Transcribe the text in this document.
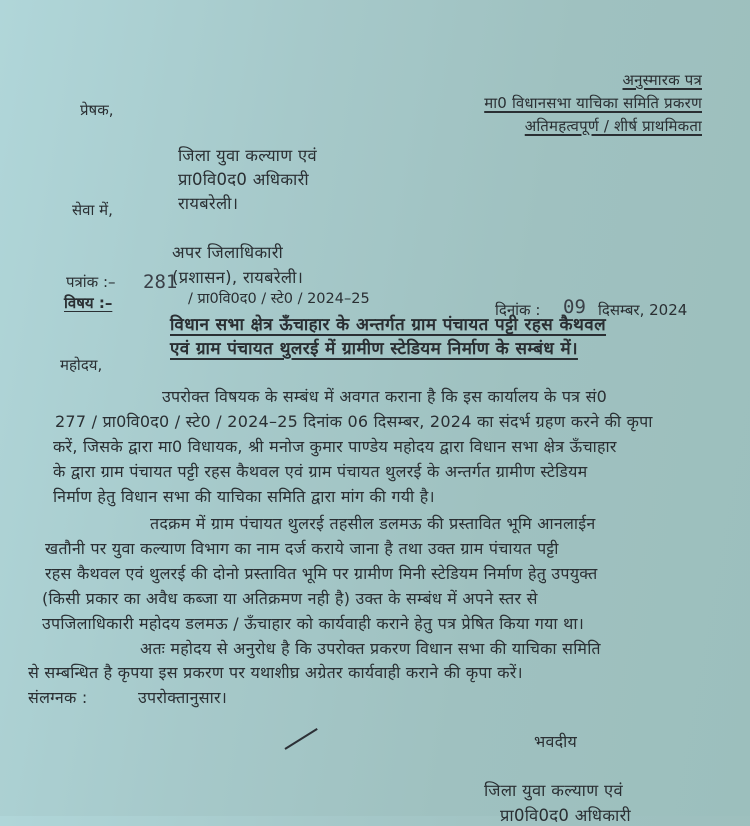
अनुस्मारक पत्र
मा0 विधानसभा याचिका समिति प्रकरण
अतिमहत्वपूर्ण / शीर्ष प्राथमिकता
प्रेषक,
जिला युवा कल्याण एवं
प्रा0वि0द0 अधिकारी
रायबरेली।
सेवा में,
अपर जिलाधिकारी
(प्रशासन), रायबरेली।
पत्रांक :– 281
/ प्रा0वि0द0 / स्टे0 / 2024–25
दिनांक : 09 दिसम्बर, 2024
विषय :–
विधान सभा क्षेत्र ऊँचाहार के अन्तर्गत ग्राम पंचायत पट्टी रहस कैथवल
एवं ग्राम पंचायत थुलरई में ग्रामीण स्टेडियम निर्माण के सम्बंध में।
महोदय,
उपरोक्त विषयक के सम्बंध में अवगत कराना है कि इस कार्यालय के पत्र सं0
277 / प्रा0वि0द0 / स्टे0 / 2024–25 दिनांक 06 दिसम्बर, 2024 का संदर्भ ग्रहण करने की कृपा
करें, जिसके द्वारा मा0 विधायक, श्री मनोज कुमार पाण्डेय महोदय द्वारा विधान सभा क्षेत्र ऊँचाहार
के द्वारा ग्राम पंचायत पट्टी रहस कैथवल एवं ग्राम पंचायत थुलरई के अन्तर्गत ग्रामीण स्टेडियम
निर्माण हेतु विधान सभा की याचिका समिति द्वारा मांग की गयी है।
तदक्रम में ग्राम पंचायत थुलरई तहसील डलमऊ की प्रस्तावित भूमि आनलाईन
खतौनी पर युवा कल्याण विभाग का नाम दर्ज कराये जाना है तथा उक्त ग्राम पंचायत पट्टी
रहस कैथवल एवं थुलरई की दोनो प्रस्तावित भूमि पर ग्रामीण मिनी स्टेडियम निर्माण हेतु उपयुक्त
(किसी प्रकार का अवैध कब्जा या अतिक्रमण नही है) उक्त के सम्बंध में अपने स्तर से
उपजिलाधिकारी महोदय डलमऊ / ऊँचाहार को कार्यवाही कराने हेतु पत्र प्रेषित किया गया था।
अतः महोदय से अनुरोध है कि उपरोक्त प्रकरण विधान सभा की याचिका समिति
से सम्बन्धित है कृपया इस प्रकरण पर यथाशीघ्र अग्रेतर कार्यवाही कराने की कृपा करें।
संलग्नक :	उपरोक्तानुसार।
भवदीय
जिला युवा कल्याण एवं
प्रा0वि0द0 अधिकारी
